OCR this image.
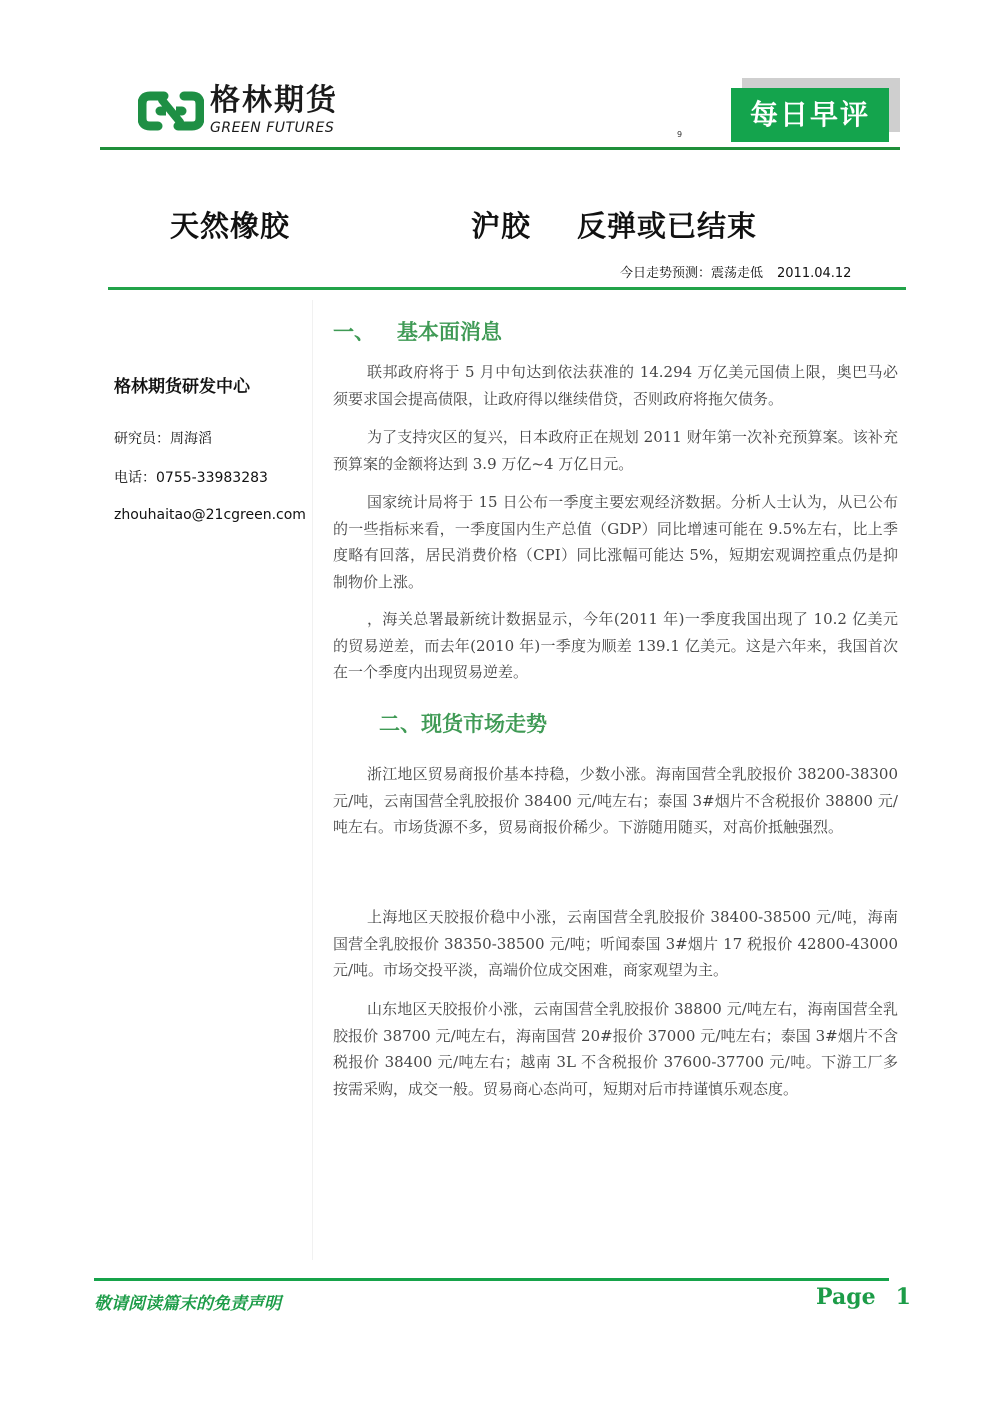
格林期货
GREEN FUTURES	9
每日早评
天然橡胶	沪胶 反弹或已结束
今日走势预测：震荡走低 2011.04.12
格林期货研发中心
研究员：周海滔
电话：0755-33983283
zhouhaitao@21cgreen.com
一、   基本面消息

联邦政府将于 5 月中旬达到依法获准的 14.294 万亿美元国债上限，奥巴马必须要求国会提高债限，让政府得以继续借贷，否则政府将拖欠债务。

为了支持灾区的复兴，日本政府正在规划 2011 财年第一次补充预算案。该补充预算案的金额将达到 3.9 万亿~4 万亿日元。

国家统计局将于 15 日公布一季度主要宏观经济数据。分析人士认为，从已公布的一些指标来看，一季度国内生产总值（GDP）同比增速可能在 9.5%左右，比上季度略有回落，居民消费价格（CPI）同比涨幅可能达 5%，短期宏观调控重点仍是抑制物价上涨。

，海关总署最新统计数据显示，今年(2011 年)一季度我国出现了 10.2 亿美元的贸易逆差，而去年(2010 年)一季度为顺差 139.1 亿美元。这是六年来，我国首次在一个季度内出现贸易逆差。

二、现货市场走势

浙江地区贸易商报价基本持稳，少数小涨。海南国营全乳胶报价 38200-38300 元/吨，云南国营全乳胶报价 38400 元/吨左右；泰国 3#烟片不含税报价 38800 元/吨左右。市场货源不多，贸易商报价稀少。下游随用随买，对高价抵触强烈。

上海地区天胶报价稳中小涨，云南国营全乳胶报价 38400-38500 元/吨，海南国营全乳胶报价 38350-38500 元/吨；听闻泰国 3#烟片 17 税报价 42800-43000 元/吨。市场交投平淡，高端价位成交困难，商家观望为主。

山东地区天胶报价小涨，云南国营全乳胶报价 38800 元/吨左右，海南国营全乳胶报价 38700 元/吨左右，海南国营 20#报价 37000 元/吨左右；泰国 3#烟片不含税报价 38400 元/吨左右；越南 3L 不含税报价 37600-37700 元/吨。下游工厂多按需采购，成交一般。贸易商心态尚可，短期对后市持谨慎乐观态度。

敬请阅读篇末的免责声明	Page 1
